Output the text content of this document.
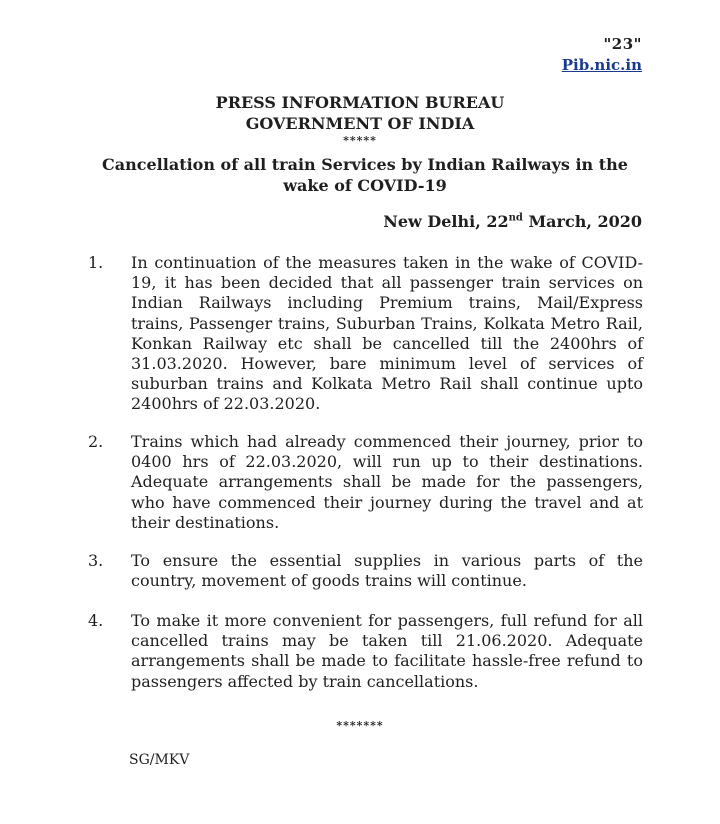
"23"
Pib.nic.in
PRESS INFORMATION BUREAU
GOVERNMENT OF INDIA
*****
Cancellation of all train Services by Indian Railways in the
wake of COVID-19
New Delhi, 22nd March, 2020
1. In continuation of the measures taken in the wake of COVID-19, it has been decided that all passenger train services on Indian Railways including Premium trains, Mail/Express trains, Passenger trains, Suburban Trains, Kolkata Metro Rail, Konkan Railway etc shall be cancelled till the 2400hrs of 31.03.2020. However, bare minimum level of services of suburban trains and Kolkata Metro Rail shall continue upto 2400hrs of 22.03.2020.
2. Trains which had already commenced their journey, prior to 0400 hrs of 22.03.2020, will run up to their destinations. Adequate arrangements shall be made for the passengers, who have commenced their journey during the travel and at their destinations.
3. To ensure the essential supplies in various parts of the country, movement of goods trains will continue.
4. To make it more convenient for passengers, full refund for all cancelled trains may be taken till 21.06.2020. Adequate arrangements shall be made to facilitate hassle-free refund to passengers affected by train cancellations.
*******
SG/MKV
